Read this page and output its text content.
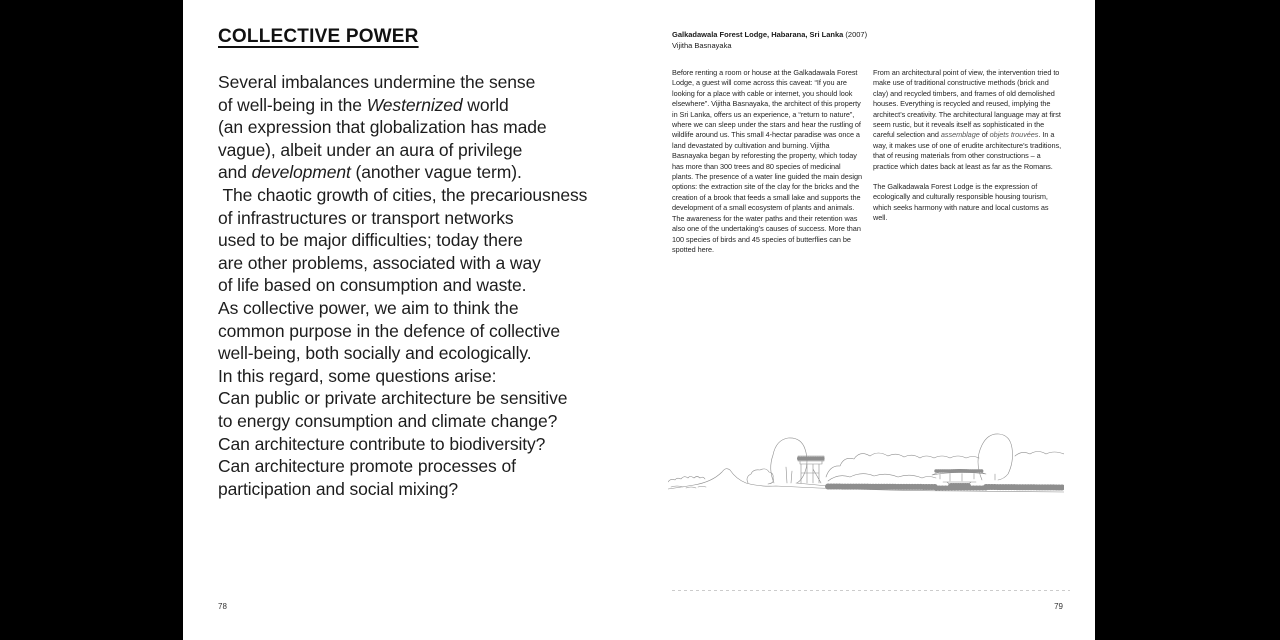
COLLECTIVE POWER
Several imbalances undermine the sense
of well-being in the Westernized world
(an expression that globalization has made
vague), albeit under an aura of privilege
and development (another vague term).
The chaotic growth of cities, the precariousness
of infrastructures or transport networks
used to be major difficulties; today there
are other problems, associated with a way
of life based on consumption and waste.
As collective power, we aim to think the
common purpose in the defence of collective
well-being, both socially and ecologically.
In this regard, some questions arise:
Can public or private architecture be sensitive
to energy consumption and climate change?
Can architecture contribute to biodiversity?
Can architecture promote processes of
participation and social mixing?
78
Galkadawala Forest Lodge, Habarana, Sri Lanka (2007)
Vijitha Basnayaka

Before renting a room or house at the Galkadawala Forest Lodge, a guest will come across this caveat: “If you are looking for a place with cable or internet, you should look elsewhere”. Vijitha Basnayaka, the architect of this property in Sri Lanka, offers us an experience, a “return to nature”, where we can sleep under the stars and hear the rustling of wildlife around us. This small 4-hectar paradise was once a land devastated by cultivation and burning. Vijitha Basnayaka began by reforesting the property, which today has more than 300 trees and 80 species of medicinal plants. The presence of a water line guided the main design options: the extraction site of the clay for the bricks and the creation of a brook that feeds a small lake and supports the development of a small ecosystem of plants and animals. The awareness for the water paths and their retention was also one of the undertaking’s causes of success. More than 100 species of birds and 45 species of butterflies can be spotted here.

From an architectural point of view, the intervention tried to make use of traditional constructive methods (brick and clay) and recycled timbers, and frames of old demolished houses. Everything is recycled and reused, implying the architect’s creativity. The architectural language may at first seem rustic, but it reveals itself as sophisticated in the careful selection and assemblage of objets trouvées. In a way, it makes use of one of erudite architecture’s traditions, that of reusing materials from other constructions – a practice which dates back at least as far as the Romans.

The Galkadawala Forest Lodge is the expression of ecologically and culturally responsible housing tourism, which seeks harmony with nature and local customs as well.

79
